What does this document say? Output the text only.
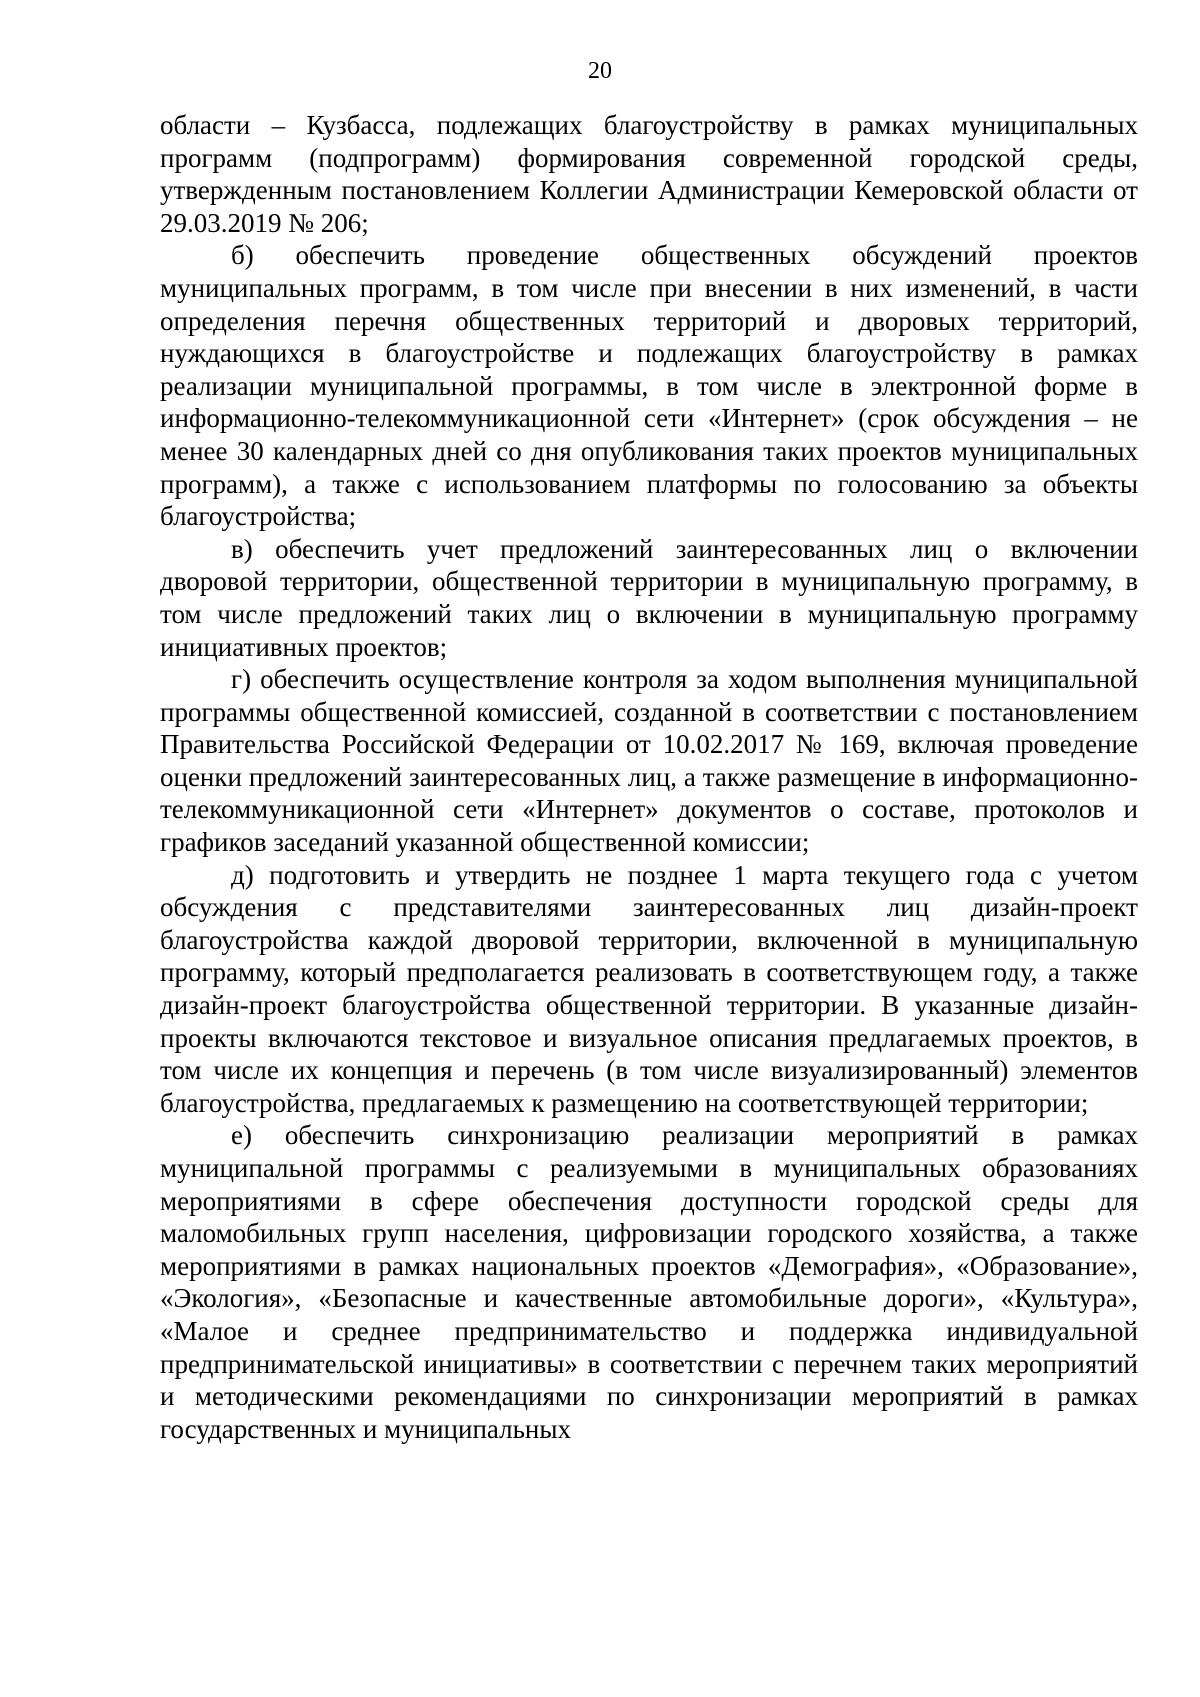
20

области – Кузбасса, подлежащих благоустройству в рамках муниципальных программ (подпрограмм) формирования современной городской среды, утвержденным постановлением Коллегии Администрации Кемеровской области от 29.03.2019 № 206;

б) обеспечить проведение общественных обсуждений проектов муниципальных программ, в том числе при внесении в них изменений, в части определения перечня общественных территорий и дворовых территорий, нуждающихся в благоустройстве и подлежащих благоустройству в рамках реализации муниципальной программы, в том числе в электронной форме в информационно-телекоммуникационной сети «Интернет» (срок обсуждения – не менее 30 календарных дней со дня опубликования таких проектов муниципальных программ), а также с использованием платформы по голосованию за объекты благоустройства;

в) обеспечить учет предложений заинтересованных лиц о включении дворовой территории, общественной территории в муниципальную программу, в том числе предложений таких лиц о включении в муниципальную программу инициативных проектов;

г) обеспечить осуществление контроля за ходом выполнения муниципальной программы общественной комиссией, созданной в соответствии с постановлением Правительства Российской Федерации от 10.02.2017 № 169, включая проведение оценки предложений заинтересованных лиц, а также размещение в информационно-телекоммуникационной сети «Интернет» документов о составе, протоколов и графиков заседаний указанной общественной комиссии;

д) подготовить и утвердить не позднее 1 марта текущего года с учетом обсуждения с представителями заинтересованных лиц дизайн-проект благоустройства каждой дворовой территории, включенной в муниципальную программу, который предполагается реализовать в соответствующем году, а также дизайн-проект благоустройства общественной территории. В указанные дизайн-проекты включаются текстовое и визуальное описания предлагаемых проектов, в том числе их концепция и перечень (в том числе визуализированный) элементов благоустройства, предлагаемых к размещению на соответствующей территории;

е) обеспечить синхронизацию реализации мероприятий в рамках муниципальной программы с реализуемыми в муниципальных образованиях мероприятиями в сфере обеспечения доступности городской среды для маломобильных групп населения, цифровизации городского хозяйства, а также мероприятиями в рамках национальных проектов «Демография», «Образование», «Экология», «Безопасные и качественные автомобильные дороги», «Культура», «Малое и среднее предпринимательство и поддержка индивидуальной предпринимательской инициативы» в соответствии с перечнем таких мероприятий и методическими рекомендациями по синхронизации мероприятий в рамках государственных и муниципальных
